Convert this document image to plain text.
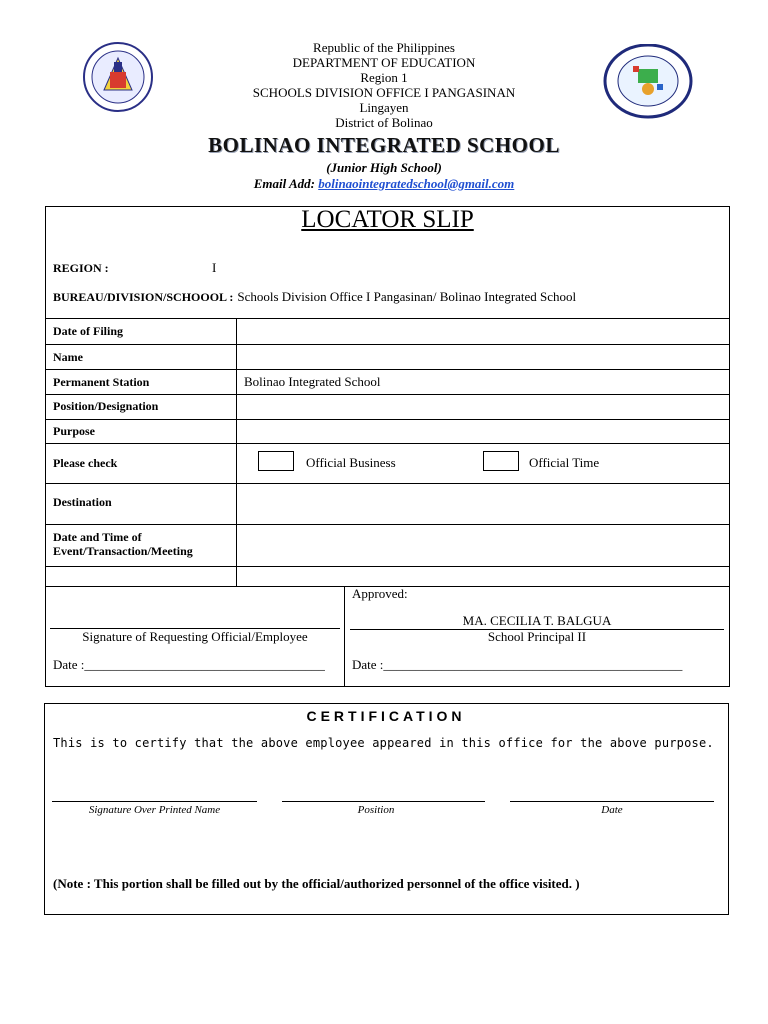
Republic of the Philippines
DEPARTMENT OF EDUCATION
Region 1
SCHOOLS DIVISION OFFICE I PANGASINAN
Lingayen
District of Bolinao
BOLINAO INTEGRATED SCHOOL
(Junior High School)
Email Add: bolinaointegratedschool@gmail.com
LOCATOR SLIP
REGION :	I
BUREAU/DIVISION/SCHOOOL : Schools Division Office I Pangasinan/ Bolinao Integrated School
Date of Filing
Name
Permanent Station	Bolinao Integrated School
Position/Designation
Purpose
Please check	Official Business	Official Time
Destination
Date and Time of
Event/Transaction/Meeting
Signature of Requesting Official/Employee
Date :_____________________________________
Approved:
MA. CECILIA T. BALGUA
School Principal II
Date :______________________________________________
CERTIFICATION
This is to certify that the above employee appeared in this office for the above purpose.
Signature Over Printed Name	Position	Date
(Note : This portion shall be filled out by the official/authorized personnel of the office visited. )
